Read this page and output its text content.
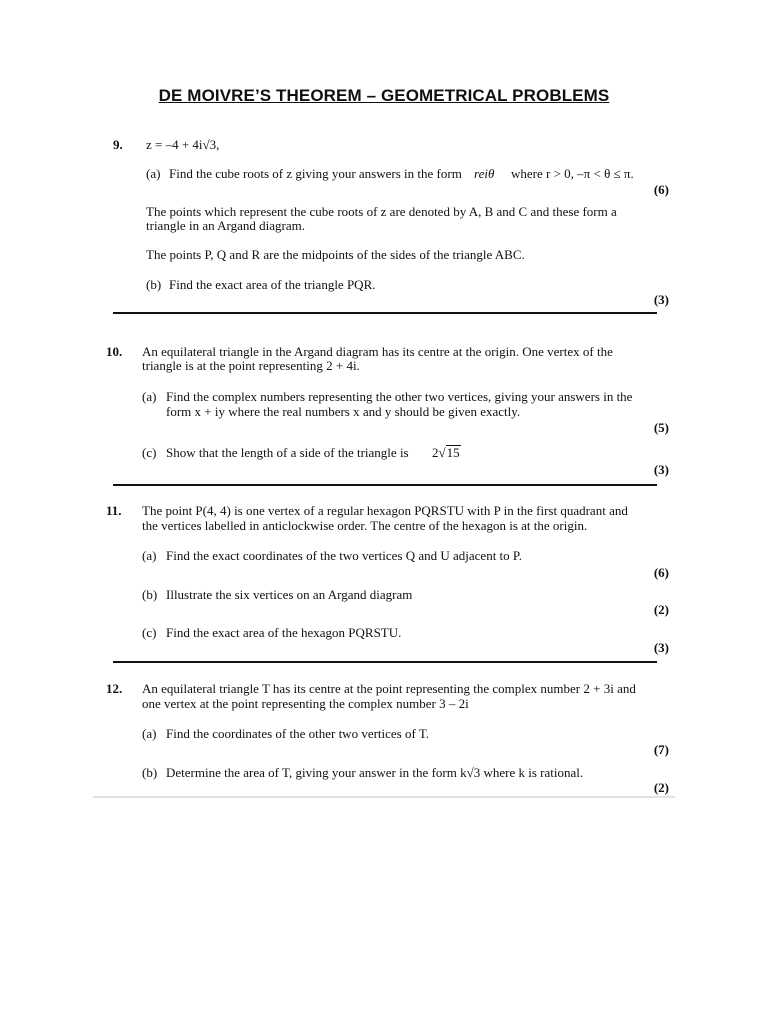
DE MOIVRE’S THEOREM – GEOMETRICAL PROBLEMS
9. z = –4 + 4i√3,
(a) Find the cube roots of z giving your answers in the form reiθ where r > 0, –π < θ ≤ π.
(6)
The points which represent the cube roots of z are denoted by A, B and C and these form a
triangle in an Argand diagram.
The points P, Q and R are the midpoints of the sides of the triangle ABC.
(b) Find the exact area of the triangle PQR.
(3)
10. An equilateral triangle in the Argand diagram has its centre at the origin. One vertex of the
triangle is at the point representing 2 + 4i.
(a) Find the complex numbers representing the other two vertices, giving your answers in the
form x + iy where the real numbers x and y should be given exactly.
(5)
(c) Show that the length of a side of the triangle is 2√15
(3)
11. The point P(4, 4) is one vertex of a regular hexagon PQRSTU with P in the first quadrant and
the vertices labelled in anticlockwise order. The centre of the hexagon is at the origin.
(a) Find the exact coordinates of the two vertices Q and U adjacent to P.
(6)
(b) Illustrate the six vertices on an Argand diagram
(2)
(c) Find the exact area of the hexagon PQRSTU.
(3)
12. An equilateral triangle T has its centre at the point representing the complex number 2 + 3i and
one vertex at the point representing the complex number 3 – 2i
(a) Find the coordinates of the other two vertices of T.
(7)
(b) Determine the area of T, giving your answer in the form k√3 where k is rational.
(2)
